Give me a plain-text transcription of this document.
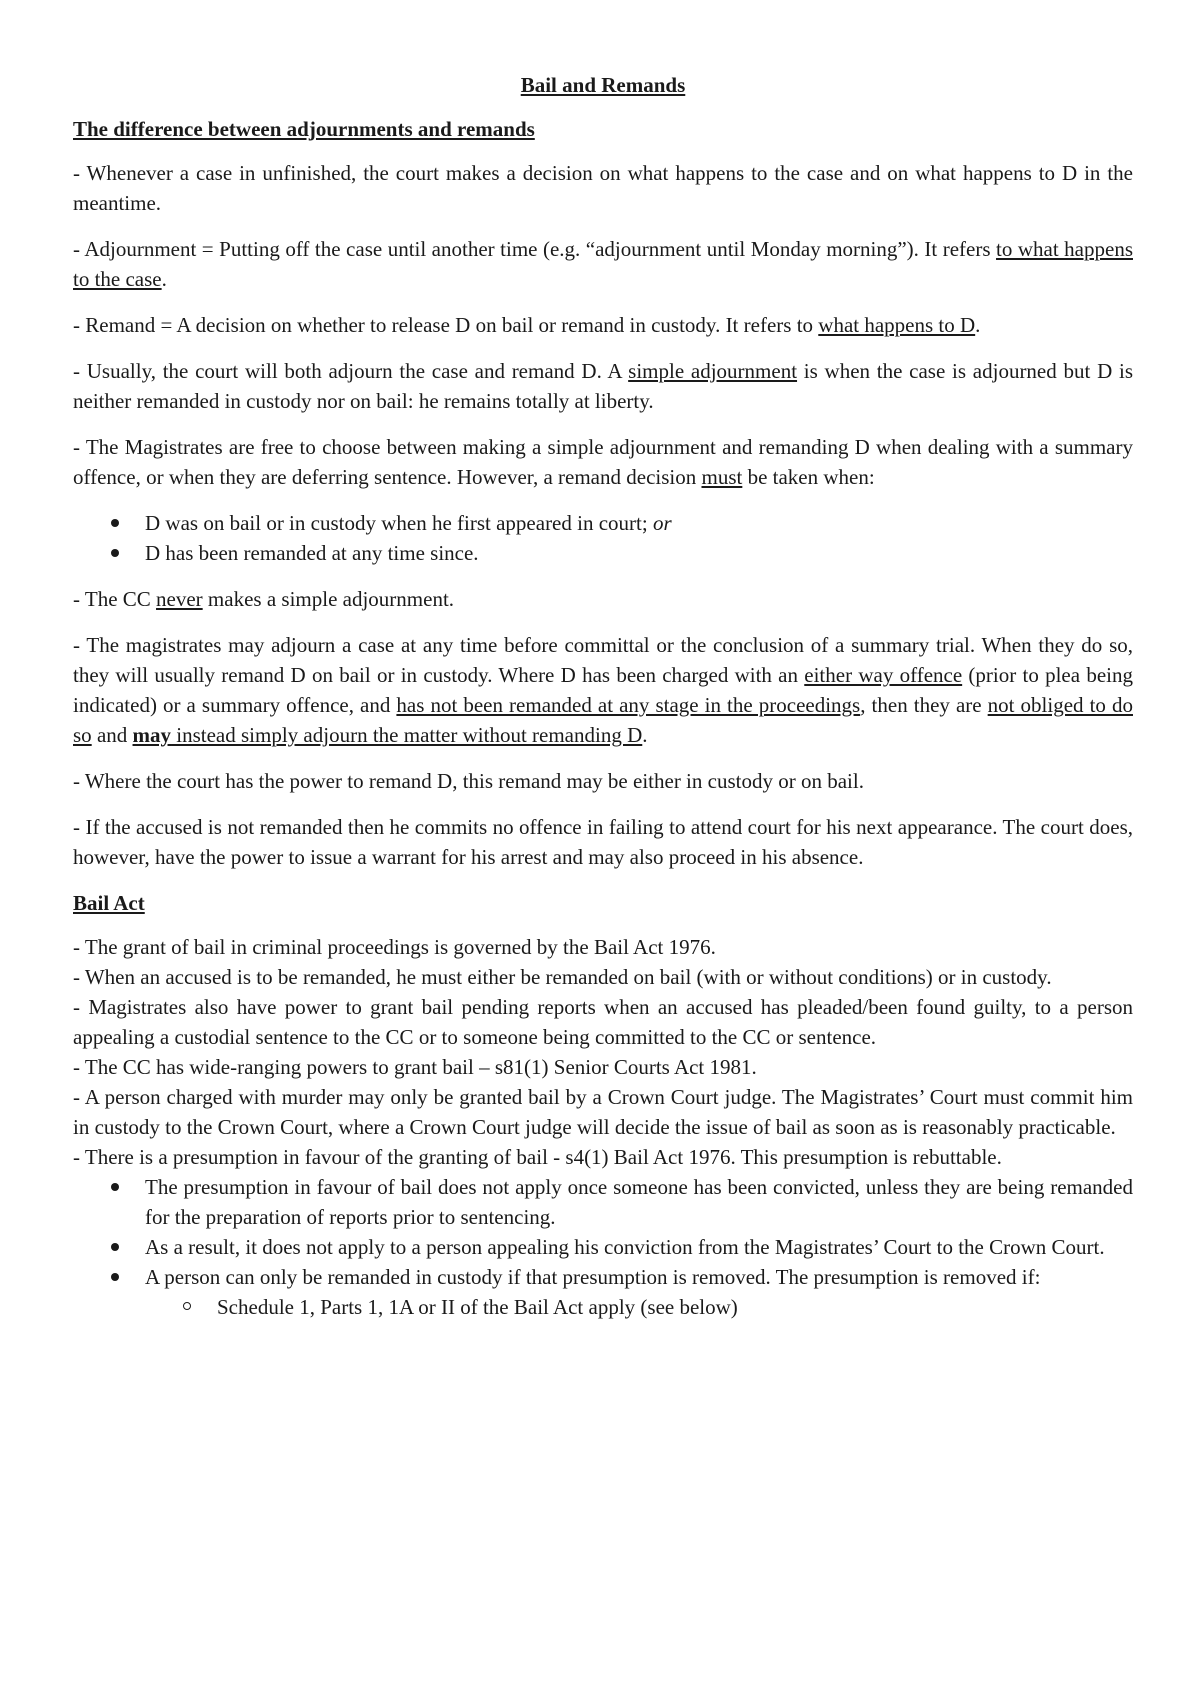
Bail and Remands
The difference between adjournments and remands

- Whenever a case in unfinished, the court makes a decision on what happens to the case and on what happens to D in the meantime.

- Adjournment = Putting off the case until another time (e.g. “adjournment until Monday morning”). It refers to what happens to the case.

- Remand = A decision on whether to release D on bail or remand in custody. It refers to what happens to D.

- Usually, the court will both adjourn the case and remand D. A simple adjournment is when the case is adjourned but D is neither remanded in custody nor on bail: he remains totally at liberty.

- The Magistrates are free to choose between making a simple adjournment and remanding D when dealing with a summary offence, or when they are deferring sentence. However, a remand decision must be taken when:

D was on bail or in custody when he first appeared in court; or
D has been remanded at any time since.

- The CC never makes a simple adjournment.

- The magistrates may adjourn a case at any time before committal or the conclusion of a summary trial. When they do so, they will usually remand D on bail or in custody. Where D has been charged with an either way offence (prior to plea being indicated) or a summary offence, and has not been remanded at any stage in the proceedings, then they are not obliged to do so and may instead simply adjourn the matter without remanding D.

- Where the court has the power to remand D, this remand may be either in custody or on bail.

- If the accused is not remanded then he commits no offence in failing to attend court for his next appearance. The court does, however, have the power to issue a warrant for his arrest and may also proceed in his absence.

Bail Act

- The grant of bail in criminal proceedings is governed by the Bail Act 1976.

- When an accused is to be remanded, he must either be remanded on bail (with or without conditions) or in custody.

- Magistrates also have power to grant bail pending reports when an accused has pleaded/been found guilty, to a person appealing a custodial sentence to the CC or to someone being committed to the CC or sentence.

- The CC has wide-ranging powers to grant bail – s81(1) Senior Courts Act 1981.

- A person charged with murder may only be granted bail by a Crown Court judge. The Magistrates’ Court must commit him in custody to the Crown Court, where a Crown Court judge will decide the issue of bail as soon as is reasonably practicable.

- There is a presumption in favour of the granting of bail - s4(1) Bail Act 1976. This presumption is rebuttable.

The presumption in favour of bail does not apply once someone has been convicted, unless they are being remanded for the preparation of reports prior to sentencing.
As a result, it does not apply to a person appealing his conviction from the Magistrates’ Court to the Crown Court.
A person can only be remanded in custody if that presumption is removed. The presumption is removed if:
Schedule 1, Parts 1, 1A or II of the Bail Act apply (see below)
